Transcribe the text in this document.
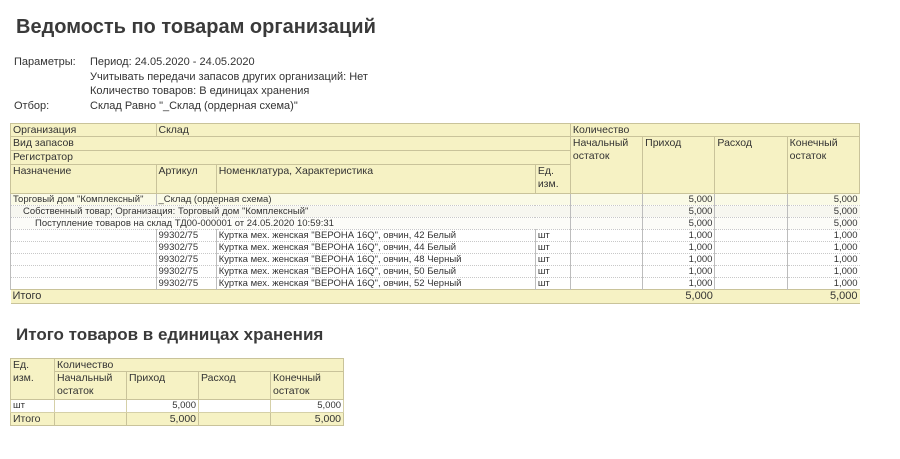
Ведомость по товарам организаций
Параметры:	Период: 24.05.2020 - 24.05.2020
Учитывать передачи запасов других организаций: Нет
Количество товаров: В единицах хранения
Отбор:	Склад Равно "_Склад (ордерная схема)"
Организация	Склад			Количество			
Вид запасов				Начальный остаток	Приход	Расход	Конечный остаток
Регистратор							
Назначение	Артикул	Номенклатура, Характеристика	Ед. изм.				
Торговый дом "Комплексный"	_Склад (ордерная схема)				5,000		5,000
Собственный товар; Организация: Торговый дом "Комплексный"					5,000		5,000
Поступление товаров на склад ТД00-000001 от 24.05.2020 10:59:31					5,000		5,000
	99302/75	Куртка мех. женская "ВЕРОНА 16Q", овчин, 42 Белый	шт		1,000		1,000
	99302/75	Куртка мех. женская "ВЕРОНА 16Q", овчин, 44 Белый	шт		1,000		1,000
	99302/75	Куртка мех. женская "ВЕРОНА 16Q", овчин, 48 Черный	шт		1,000		1,000
	99302/75	Куртка мех. женская "ВЕРОНА 16Q", овчин, 50 Белый	шт		1,000		1,000
	99302/75	Куртка мех. женская "ВЕРОНА 16Q", овчин, 52 Черный	шт		1,000		1,000
Итого					5,000		5,000
Итого товаров в единицах хранения
Ед. изм.	Количество			
	Начальный остаток	Приход	Расход	Конечный остаток
шт		5,000		5,000
Итого		5,000		5,000
